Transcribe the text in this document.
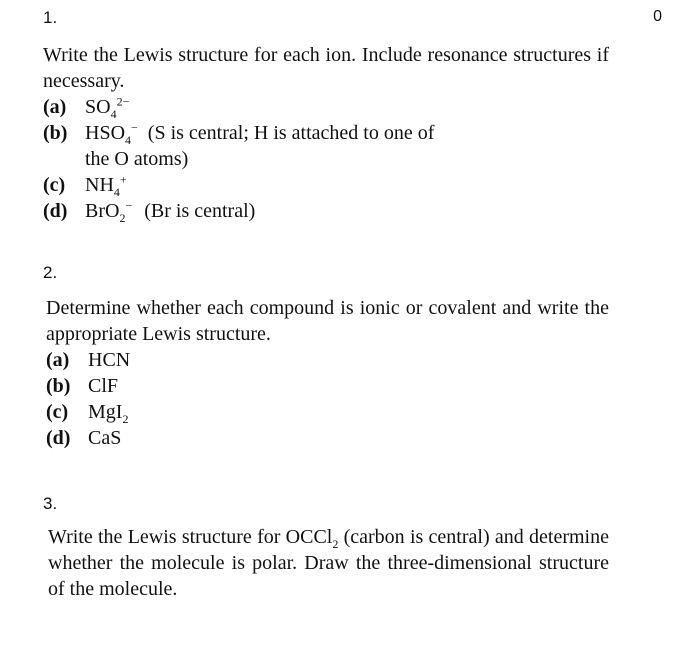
0
1.

Write the Lewis structure for each ion. Include resonance structures if necessary.

(a) $SO_4^{2-}$
(b) $HSO_4^-$ (S is central; H is attached to one of
the O atoms)
(c) $NH_4^+$
(d) BrO$_2$− (Br is central)
2.

Determine whether each compound is ionic or covalent and write the appropriate Lewis structure.

(a) HCN
(b) ClF
(c) MgI$_2$
(d) CaS
3.

Write the Lewis structure for OCCl$_2$ (carbon is central) and determine whether the molecule is polar. Draw the three-dimensional structure of the molecule.
